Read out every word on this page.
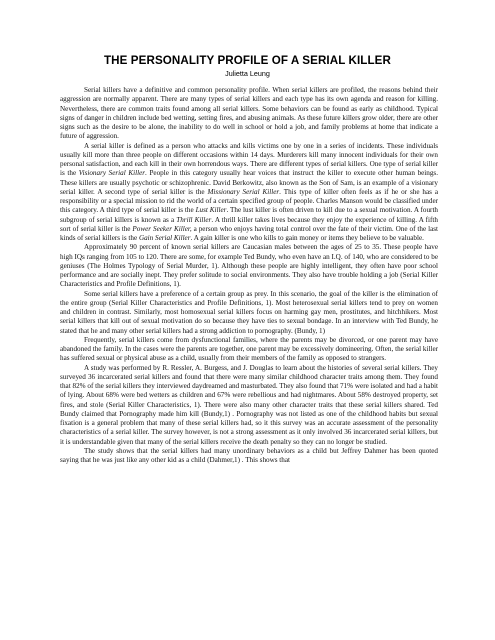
THE PERSONALITY PROFILE OF A SERIAL KILLER
Julietta Leung

Serial killers have a definitive and common personality profile. When serial killers are profiled, the reasons behind their aggression are normally apparent. There are many types of serial killers and each type has its own agenda and reason for killing. Nevertheless, there are common traits found among all serial killers. Some behaviors can be found as early as childhood. Typical signs of danger in children include bed wetting, setting fires, and abusing animals. As these future killers grow older, there are other signs such as the desire to be alone, the inability to do well in school or hold a job, and family problems at home that indicate a future of aggression.

A serial killer is defined as a person who attacks and kills victims one by one in a series of incidents. These individuals usually kill more than three people on different occasions within 14 days. Murderers kill many innocent individuals for their own personal satisfaction, and each kill in their own horrendous ways. There are different types of serial killers. One type of serial killer is the Visionary Serial Killer. People in this category usually hear voices that instruct the killer to execute other human beings. These killers are usually psychotic or schizophrenic. David Berkowitz, also known as the Son of Sam, is an example of a visionary serial killer. A second type of serial killer is the Missionary Serial Killer. This type of killer often feels as if he or she has a responsibility or a special mission to rid the world of a certain specified group of people. Charles Manson would be classified under this category. A third type of serial killer is the Lust Killer. The lust killer is often driven to kill due to a sexual motivation. A fourth subgroup of serial killers is known as a Thrill Killer. A thrill killer takes lives because they enjoy the experience of killing. A fifth sort of serial killer is the Power Seeker Killer, a person who enjoys having total control over the fate of their victim. One of the last kinds of serial killers is the Gain Serial Killer. A gain killer is one who kills to gain money or items they believe to be valuable.

Approximately 90 percent of known serial killers are Caucasian males between the ages of 25 to 35. These people have high IQs ranging from 105 to 120. There are some, for example Ted Bundy, who even have an I.Q. of 140, who are considered to be geniuses (The Holmes Typology of Serial Murder, 1). Although these people are highly intelligent, they often have poor school performance and are socially inept. They prefer solitude to social environments. They also have trouble holding a job (Serial Killer Characteristics and Profile Definitions, 1).

Some serial killers have a preference of a certain group as prey. In this scenario, the goal of the killer is the elimination of the entire group (Serial Killer Characteristics and Profile Definitions, 1). Most heterosexual serial killers tend to prey on women and children in contrast. Similarly, most homosexual serial killers focus on harming gay men, prostitutes, and hitchhikers. Most serial killers that kill out of sexual motivation do so because they have ties to sexual bondage. In an interview with Ted Bundy, he stated that he and many other serial killers had a strong addiction to pornography. (Bundy, 1)

Frequently, serial killers come from dysfunctional families, where the parents may be divorced, or one parent may have abandoned the family. In the cases were the parents are together, one parent may be excessively domineering. Often, the serial killer has suffered sexual or physical abuse as a child, usually from their members of the family as opposed to strangers.

A study was performed by R. Ressler, A. Burgess, and J. Douglas to learn about the histories of several serial killers. They surveyed 36 incarcerated serial killers and found that there were many similar childhood character traits among them. They found that 82% of the serial killers they interviewed daydreamed and masturbated. They also found that 71% were isolated and had a habit of lying. About 68% were bed wetters as children and 67% were rebellious and had nightmares. About 58% destroyed property, set fires, and stole (Serial Killer Characteristics, 1). There were also many other character traits that these serial killers shared. Ted Bundy claimed that Pornography made him kill (Bundy,1) . Pornography was not listed as one of the childhood habits but sexual fixation is a general problem that many of these serial killers had, so it this survey was an accurate assessment of the personality characteristics of a serial killer. The survey however, is not a strong assessment as it only involved 36 incarcerated serial killers, but it is understandable given that many of the serial killers receive the death penalty so they can no longer be studied.

The study shows that the serial killers had many unordinary behaviors as a child but Jeffrey Dahmer has been quoted saying that he was just like any other kid as a child (Dahmer,1) . This shows that
